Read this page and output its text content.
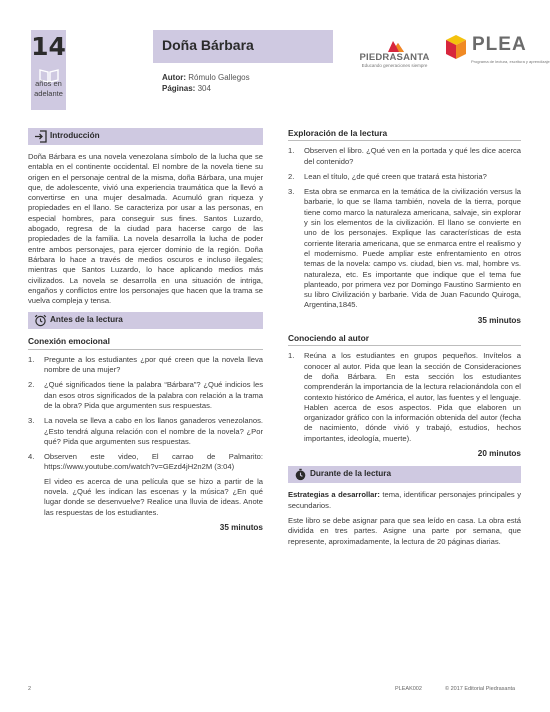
14
años en
adelante
Doña Bárbara
Autor: Rómulo Gallegos
Páginas: 304
PIEDRASANTA
Educando generaciones siempre
PLEA
Programa de lectura, escritura y aprendizaje
Introducción

Doña Bárbara es una novela venezolana símbolo de la lucha que se entabla en el continente occidental. El nombre de la novela tiene su origen en el personaje central de la misma, doña Bárbara, una mujer que, de adolescente, vivió una experiencia traumática que la llevó a convertirse en una mujer desalmada. Acumuló gran riqueza y propiedades en el llano. Se caracteriza por usar a las personas, en especial hombres, para conseguir sus fines. Santos Luzardo, abogado, regresa de la ciudad para hacerse cargo de las propiedades de la familia. La novela desarrolla la lucha de poder entre ambos personajes, para ejercer dominio de la región. Doña Bárbara lo hace a través de medios oscuros e incluso ilegales; mientras que Santos Luzardo, lo hace aplicando medios más civilizados. La novela se desarrolla en una situación de intriga, engaños y conflictos entre los personajes que hacen que la trama se vuelva compleja y tensa.

Antes de la lectura
Conexión emocional
1. Pregunte a los estudiantes ¿por qué creen que la novela lleva nombre de una mujer?
2. ¿Qué significados tiene la palabra “Bárbara”? ¿Qué indicios les dan esos otros significados de la palabra con relación a la trama de la obra? Pida que argumenten sus respuestas.
3. La novela se lleva a cabo en los llanos ganaderos venezolanos. ¿Esto tendrá alguna relación con el nombre de la novela? ¿Por qué? Pida que argumenten sus respuestas.
4. Observen este video, El carrao de Palmarito: https://www.youtube.com/watch?v=GEzd4jH2n2M (3:04)
El video es acerca de una película que se hizo a partir de la novela. ¿Qué les indican las escenas y la música? ¿En qué lugar donde se desenvuelve? Realice una lluvia de ideas. Anote las respuestas de los estudiantes.
35 minutos
Exploración de la lectura
1. Observen el libro. ¿Qué ven en la portada y qué les dice acerca del contenido?
2. Lean el título, ¿de qué creen que tratará esta historia?
3. Esta obra se enmarca en la temática de la civilización versus la barbarie, lo que se llama también, novela de la tierra, porque tiene como marco la naturaleza americana, salvaje, sin explorar y sin los elementos de la civilización. El llano se convierte en uno de los personajes. Explique las características de esta corriente literaria americana, que se enmarca entre el realismo y el modernismo. Puede ampliar este enfrentamiento en otros temas de la novela: campo vs. ciudad, bien vs. mal, hombre vs. naturaleza, etc. Es importante que indique que el tema fue planteado, por primera vez por Domingo Faustino Sarmiento en su libro Civilización y barbarie. Vida de Juan Facundo Quiroga, Argentina,1845.
35 minutos
Conociendo al autor
1. Reúna a los estudiantes en grupos pequeños. Invítelos a conocer al autor. Pida que lean la sección de Consideraciones de doña Bárbara. En esta sección los estudiantes comprenderán la importancia de la lectura relacionándola con el contexto histórico de América, el autor, las fuentes y el lenguaje. Hablen acerca de esos aspectos. Pida que elaboren un organizador gráfico con la información obtenida del autor (fecha de nacimiento, dónde vivió y trabajó, estudios, hechos importantes, ideología, muerte).
20 minutos
Durante de la lectura

Estrategias a desarrollar: tema, identificar personajes principales y secundarios.

Este libro se debe asignar para que sea leído en casa. La obra está dividida en tres partes. Asigne una parte por semana, que represente, aproximadamente, la lectura de 20 páginas diarias.

2	PLEAK002	© 2017 Editorial Piedrasanta
